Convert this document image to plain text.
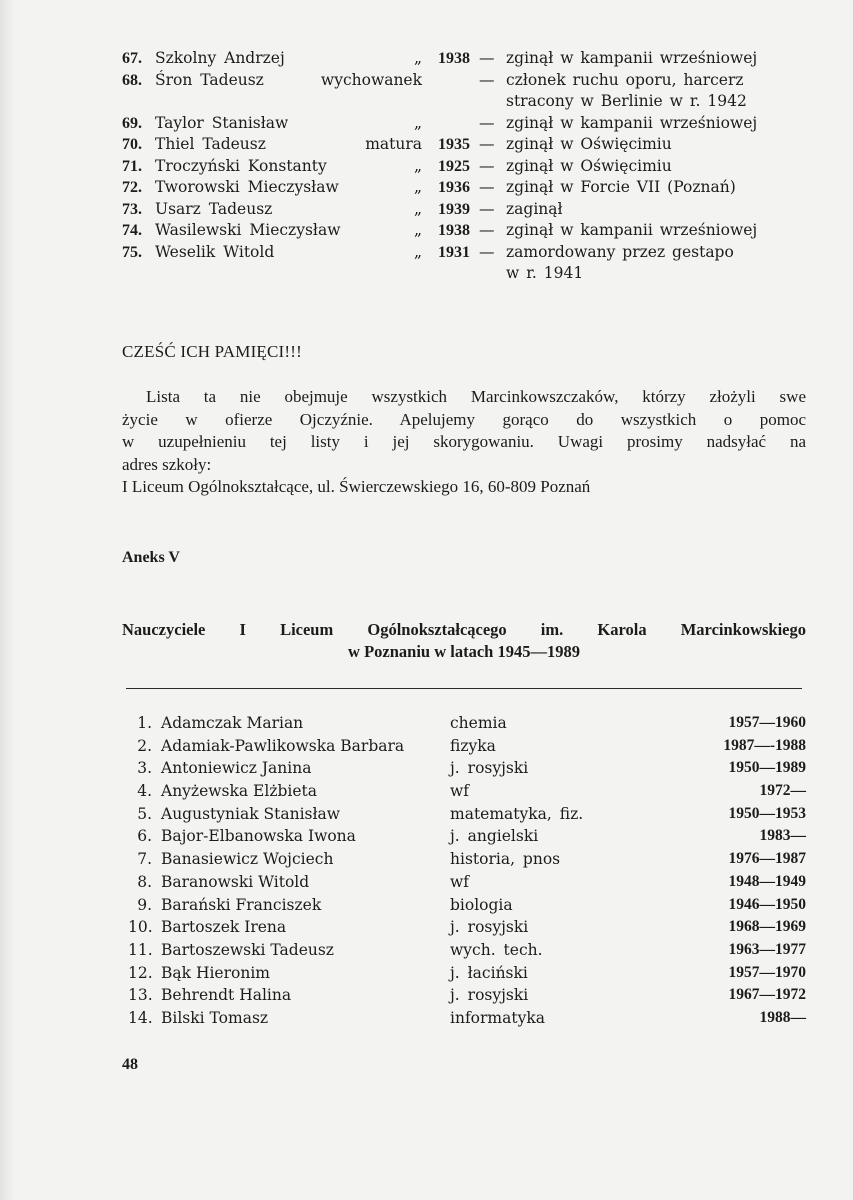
67. Szkolny Andrzej	„	1938 — zginął w kampanii wrześniowej
68. Śron Tadeusz	wychowanek	— członek ruchu oporu, harcerz
stracony w Berlinie w r. 1942
69. Taylor Stanisław	„	— zginął w kampanii wrześniowej
70. Thiel Tadeusz	matura	1935 — zginął w Oświęcimiu
71. Troczyński Konstanty	„	1925 — zginął w Oświęcimiu
72. Tworowski Mieczysław	„	1936 — zginął w Forcie VII (Poznań)
73. Usarz Tadeusz	„	1939 — zaginął
74. Wasilewski Mieczysław	„	1938 — zginął w kampanii wrześniowej
75. Weselik Witold	„	1931 — zamordowany przez gestapo
w r. 1941
CZEŚĆ ICH PAMIĘCI!!!
Lista ta nie obejmuje wszystkich Marcinkowszczaków, którzy złożyli swe
życie w ofierze Ojczyźnie. Apelujemy gorąco do wszystkich o pomoc
w uzupełnieniu tej listy i jej skorygowaniu. Uwagi prosimy nadsyłać na
adres szkoły:
I Liceum Ogólnokształcące, ul. Świerczewskiego 16, 60-809 Poznań
Aneks V
Nauczyciele I Liceum Ogólnokształcącego im. Karola Marcinkowskiego
w Poznaniu w latach 1945—1989
1. Adamczak Marian	chemia	1957—1960
2. Adamiak-Pawlikowska Barbara	fizyka	1987—-1988
3. Antoniewicz Janina	j. rosyjski	1950—1989
4. Anyżewska Elżbieta	wf	1972—
5. Augustyniak Stanisław	matematyka, fiz.	1950—1953
6. Bajor-Elbanowska Iwona	j. angielski	1983—
7. Banasiewicz Wojciech	historia, pnos	1976—1987
8. Baranowski Witold	wf	1948—1949
9. Barański Franciszek	biologia	1946—1950
10. Bartoszek Irena	j. rosyjski	1968—1969
11. Bartoszewski Tadeusz	wych. tech.	1963—1977
12. Bąk Hieronim	j. łaciński	1957—1970
13. Behrendt Halina	j. rosyjski	1967—1972
14. Bilski Tomasz	informatyka	1988—
48
